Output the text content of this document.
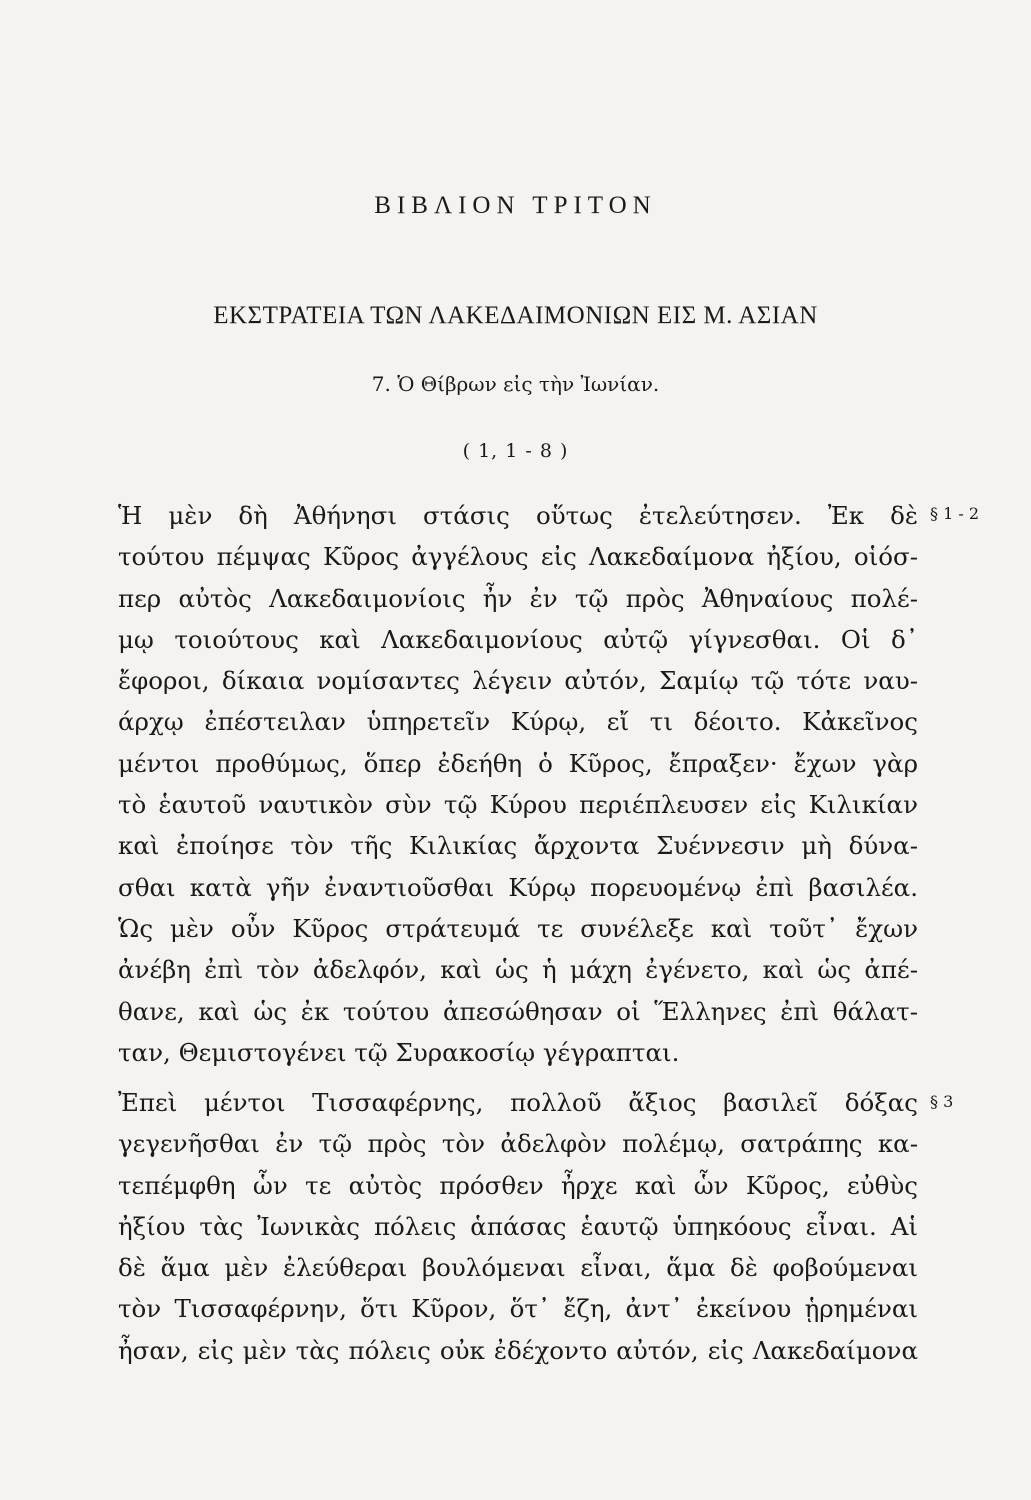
ΒΙΒΛΙΟΝ ΤΡΙΤΟΝ
ΕΚΣΤΡΑΤΕΙΑ ΤΩΝ ΛΑΚΕΔΑΙΜΟΝΙΩΝ ΕΙΣ Μ. ΑΣΙΑΝ
7. Ὁ Θίβρων εἰς τὴν Ἰωνίαν.
( 1, 1 - 8 )
Ἡ μὲν δὴ Ἀθήνησι στάσις οὕτως ἐτελεύτησεν. Ἐκ δὲ
τούτου πέμψας Κῦρος ἀγγέλους εἰς Λακεδαίμονα ἠξίου, οἱόσ-
περ αὐτὸς Λακεδαιμονίοις ἦν ἐν τῷ πρὸς Ἀθηναίους πολέ-
μῳ τοιούτους καὶ Λακεδαιμονίους αὐτῷ γίγνεσθαι. Οἱ δ᾽
ἔφοροι, δίκαια νομίσαντες λέγειν αὐτόν, Σαμίῳ τῷ τότε ναυ-
άρχῳ ἐπέστειλαν ὑπηρετεῖν Κύρῳ, εἴ τι δέοιτο. Κἀκεῖνος
μέντοι προθύμως, ὅπερ ἐδεήθη ὁ Κῦρος, ἔπραξεν· ἔχων γὰρ
τὸ ἑαυτοῦ ναυτικὸν σὺν τῷ Κύρου περιέπλευσεν εἰς Κιλικίαν
καὶ ἐποίησε τὸν τῆς Κιλικίας ἄρχοντα Συέννεσιν μὴ δύνα-
σθαι κατὰ γῆν ἐναντιοῦσθαι Κύρῳ πορευομένῳ ἐπὶ βασιλέα.
Ὡς μὲν οὖν Κῦρος στράτευμά τε συνέλεξε καὶ τοῦτ᾽ ἔχων
ἀνέβη ἐπὶ τὸν ἀδελφόν, καὶ ὡς ἡ μάχη ἐγένετο, καὶ ὡς ἀπέ-
θανε, καὶ ὡς ἐκ τούτου ἀπεσώθησαν οἱ Ἕλληνες ἐπὶ θάλατ-
ταν, Θεμιστογένει τῷ Συρακοσίῳ γέγραπται.
§ 1 - 2
Ἐπεὶ μέντοι Τισσαφέρνης, πολλοῦ ἄξιος βασιλεῖ δόξας
γεγενῆσθαι ἐν τῷ πρὸς τὸν ἀδελφὸν πολέμῳ, σατράπης κα-
τεπέμφθη ὧν τε αὐτὸς πρόσθεν ἦρχε καὶ ὧν Κῦρος, εὐθὺς
ἠξίου τὰς Ἰωνικὰς πόλεις ἁπάσας ἑαυτῷ ὑπηκόους εἶναι. Αἱ
δὲ ἅμα μὲν ἐλεύθεραι βουλόμεναι εἶναι, ἅμα δὲ φοβούμεναι
τὸν Τισσαφέρνην, ὅτι Κῦρον, ὅτ᾽ ἔζη, ἀντ᾽ ἐκείνου ᾑρημέναι
ἦσαν, εἰς μὲν τὰς πόλεις οὐκ ἐδέχοντο αὐτόν, εἰς Λακεδαίμονα
§ 3
